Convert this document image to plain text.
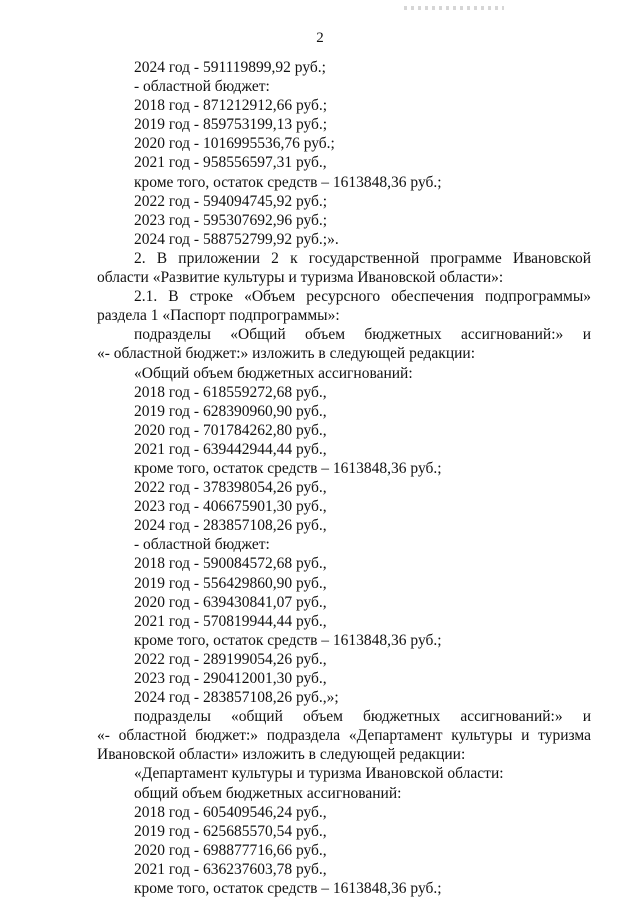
2
2024 год - 591119899,92 руб.;
- областной бюджет:
2018 год - 871212912,66 руб.;
2019 год - 859753199,13 руб.;
2020 год - 1016995536,76 руб.;
2021 год - 958556597,31 руб.,
кроме того, остаток средств – 1613848,36 руб.;
2022 год - 594094745,92 руб.;
2023 год - 595307692,96 руб.;
2024 год - 588752799,92 руб.;».
2. В приложении 2 к государственной программе Ивановской
области «Развитие культуры и туризма Ивановской области»:
2.1. В строке «Объем ресурсного обеспечения подпрограммы»
раздела 1 «Паспорт подпрограммы»:
подразделы «Общий объем бюджетных ассигнований:» и
«- областной бюджет:» изложить в следующей редакции:
«Общий объем бюджетных ассигнований:
2018 год - 618559272,68 руб.,
2019 год - 628390960,90 руб.,
2020 год - 701784262,80 руб.,
2021 год - 639442944,44 руб.,
кроме того, остаток средств – 1613848,36 руб.;
2022 год - 378398054,26 руб.,
2023 год - 406675901,30 руб.,
2024 год - 283857108,26 руб.,
- областной бюджет:
2018 год - 590084572,68 руб.,
2019 год - 556429860,90 руб.,
2020 год - 639430841,07 руб.,
2021 год - 570819944,44 руб.,
кроме того, остаток средств – 1613848,36 руб.;
2022 год - 289199054,26 руб.,
2023 год - 290412001,30 руб.,
2024 год - 283857108,26 руб.,»;
подразделы «общий объем бюджетных ассигнований:» и
«- областной бюджет:» подраздела «Департамент культуры и туризма
Ивановской области» изложить в следующей редакции:
«Департамент культуры и туризма Ивановской области:
общий объем бюджетных ассигнований:
2018 год - 605409546,24 руб.,
2019 год - 625685570,54 руб.,
2020 год - 698877716,66 руб.,
2021 год - 636237603,78 руб.,
кроме того, остаток средств – 1613848,36 руб.;
